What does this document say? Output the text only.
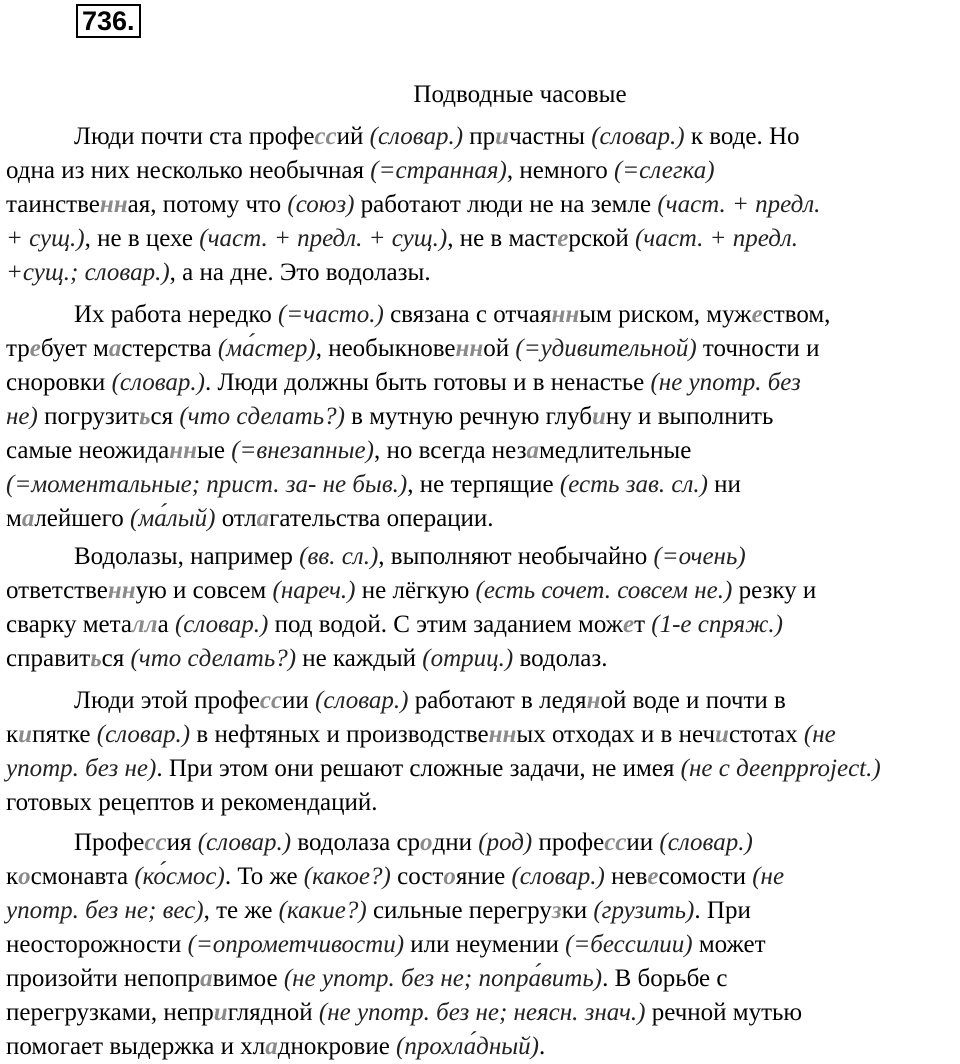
736.
Подводные часовые
Люди почти ста профессий (словар.) причастны (словар.) к воде. Но
одна из них несколько необычная (=странная), немного (=слегка)
таинственная, потому что (союз) работают люди не на земле (част. + предл.
+ сущ.), не в цехе (част. + предл. + сущ.), не в мастерской (част. + предл.
+сущ.; словар.), а на дне. Это водолазы.
Их работа нередко (=часто.) связана с отчаянным риском, мужеством,
требует мастерства (ма́стер), необыкновенной (=удивительной) точности и
сноровки (словар.). Люди должны быть готовы и в ненастье (не употр. без
не) погрузиться (что сделать?) в мутную речную глубину и выполнить
самые неожиданные (=внезапные), но всегда незамедлительные
(=моментальные; прист. за- не быв.), не терпящие (есть зав. сл.) ни
малейшего (ма́лый) отлагательства операции.
Водолазы, например (вв. сл.), выполняют необычайно (=очень)
ответственную и совсем (нареч.) не лёгкую (есть сочет. совсем не.) резку и
сварку металла (словар.) под водой. С этим заданием может (1-е спряж.)
справиться (что сделать?) не каждый (отриц.) водолаз.
Люди этой профессии (словар.) работают в ледяной воде и почти в
кипятке (словар.) в нефтяных и производственных отходах и в нечистотах (не
употр. без не). При этом они решают сложные задачи, не имея (не с деепрproject.)
готовых рецептов и рекомендаций.
Профессия (словар.) водолаза сродни (род) профессии (словар.)
космонавта (ко́смос). То же (какое?) состояние (словар.) невесомости (не
употр. без не; вес), те же (какие?) сильные перегрузки (грузить). При
неосторожности (=опрометчивости) или неумении (=бессилии) может
произойти непоправимое (не употр. без не; попра́вить). В борьбе с
перегрузками, неприглядной (не употр. без не; неясн. знач.) речной мутью
помогает выдержка и хладнокровие (прохла́дный).
